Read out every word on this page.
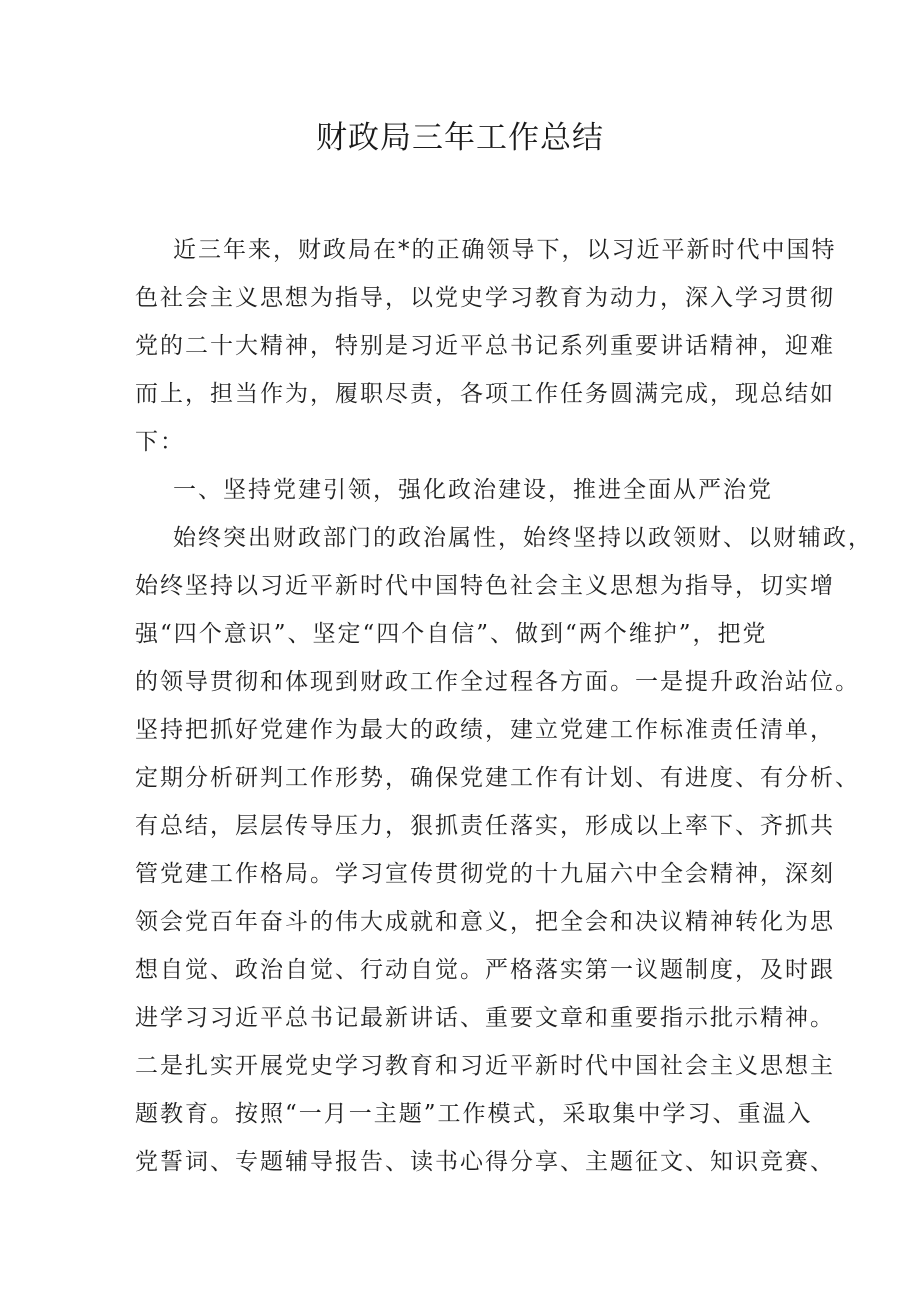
财政局三年工作总结
近三年来，财政局在*的正确领导下，以习近平新时代中国特
色社会主义思想为指导，以党史学习教育为动力，深入学习贯彻
党的二十大精神，特别是习近平总书记系列重要讲话精神，迎难
而上，担当作为，履职尽责，各项工作任务圆满完成，现总结如
下：
一、坚持党建引领，强化政治建设，推进全面从严治党
始终突出财政部门的政治属性，始终坚持以政领财、以财辅政，
始终坚持以习近平新时代中国特色社会主义思想为指导，切实增
强“四个意识”、坚定“四个自信”、做到“两个维护”，把党
的领导贯彻和体现到财政工作全过程各方面。一是提升政治站位。
坚持把抓好党建作为最大的政绩，建立党建工作标准责任清单，
定期分析研判工作形势，确保党建工作有计划、有进度、有分析、
有总结，层层传导压力，狠抓责任落实，形成以上率下、齐抓共
管党建工作格局。学习宣传贯彻党的十九届六中全会精神，深刻
领会党百年奋斗的伟大成就和意义，把全会和决议精神转化为思
想自觉、政治自觉、行动自觉。严格落实第一议题制度，及时跟
进学习习近平总书记最新讲话、重要文章和重要指示批示精神。
二是扎实开展党史学习教育和习近平新时代中国社会主义思想主
题教育。按照“一月一主题”工作模式，采取集中学习、重温入
党誓词、专题辅导报告、读书心得分享、主题征文、知识竞赛、
